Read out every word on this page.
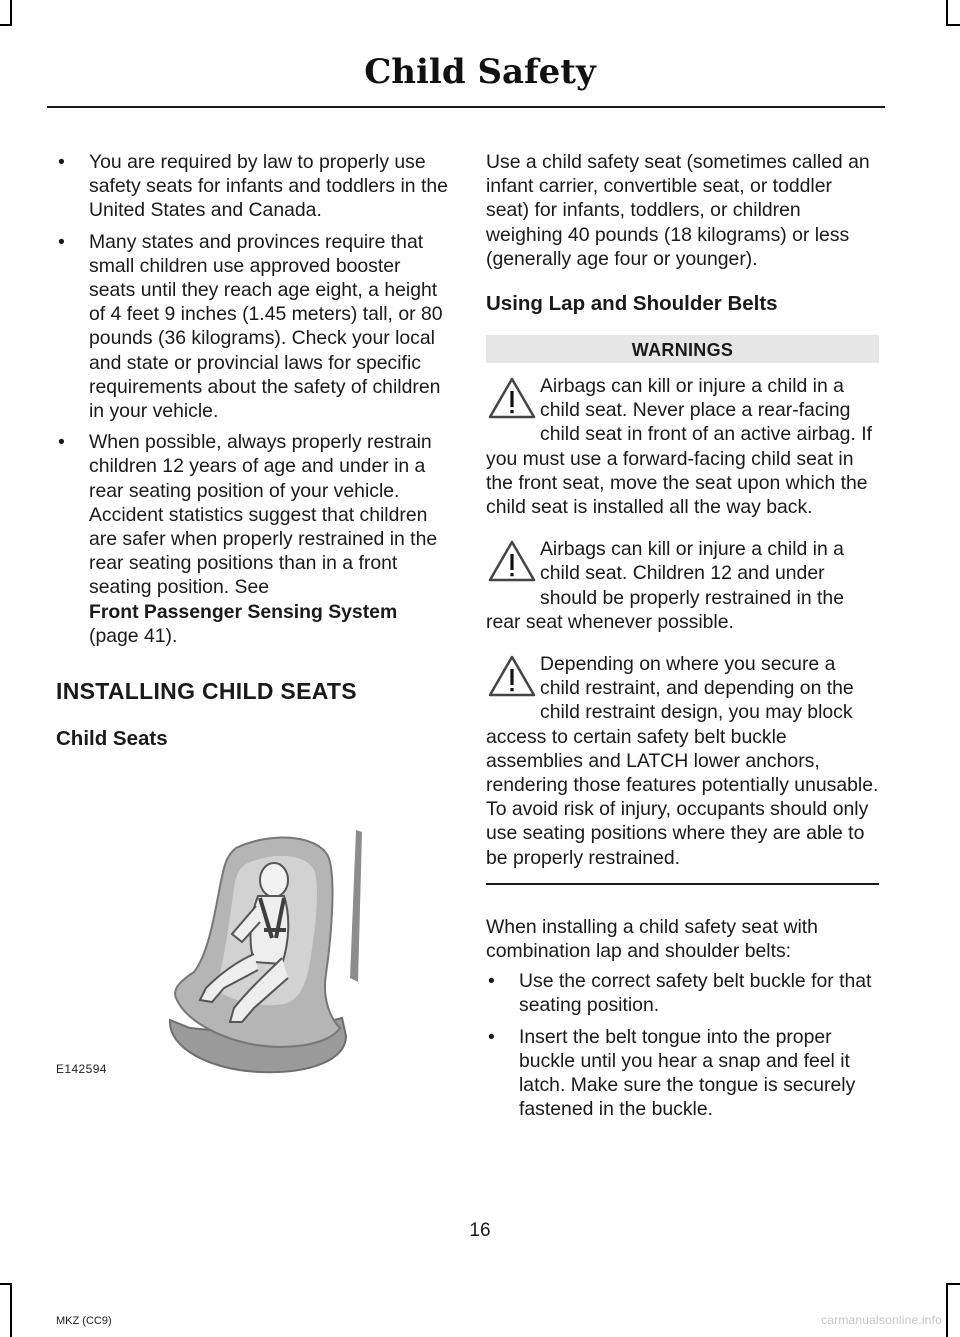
Child Safety
• You are required by law to properly use safety seats for infants and toddlers in the United States and Canada.
• Many states and provinces require that small children use approved booster seats until they reach age eight, a height of 4 feet 9 inches (1.45 meters) tall, or 80 pounds (36 kilograms). Check your local and state or provincial laws for specific requirements about the safety of children in your vehicle.
• When possible, always properly restrain children 12 years of age and under in a rear seating position of your vehicle. Accident statistics suggest that children are safer when properly restrained in the rear seating positions than in a front seating position. See
Front Passenger Sensing System
(page 41).
INSTALLING CHILD SEATS
Child Seats
E142594

Use a child safety seat (sometimes called an infant carrier, convertible seat, or toddler seat) for infants, toddlers, or children weighing 40 pounds (18 kilograms) or less (generally age four or younger).

Using Lap and Shoulder Belts
WARNINGS
Airbags can kill or injure a child in a child seat. Never place a rear-facing child seat in front of an active airbag. If you must use a forward-facing child seat in the front seat, move the seat upon which the child seat is installed all the way back.
Airbags can kill or injure a child in a child seat. Children 12 and under should be properly restrained in the rear seat whenever possible.
Depending on where you secure a child restraint, and depending on the child restraint design, you may block access to certain safety belt buckle assemblies and LATCH lower anchors, rendering those features potentially unusable. To avoid risk of injury, occupants should only use seating positions where they are able to be properly restrained.

When installing a child safety seat with combination lap and shoulder belts:

• Use the correct safety belt buckle for that seating position.
• Insert the belt tongue into the proper buckle until you hear a snap and feel it latch. Make sure the tongue is securely fastened in the buckle.
16
MKZ (CC9)	carmanualsonline.info
